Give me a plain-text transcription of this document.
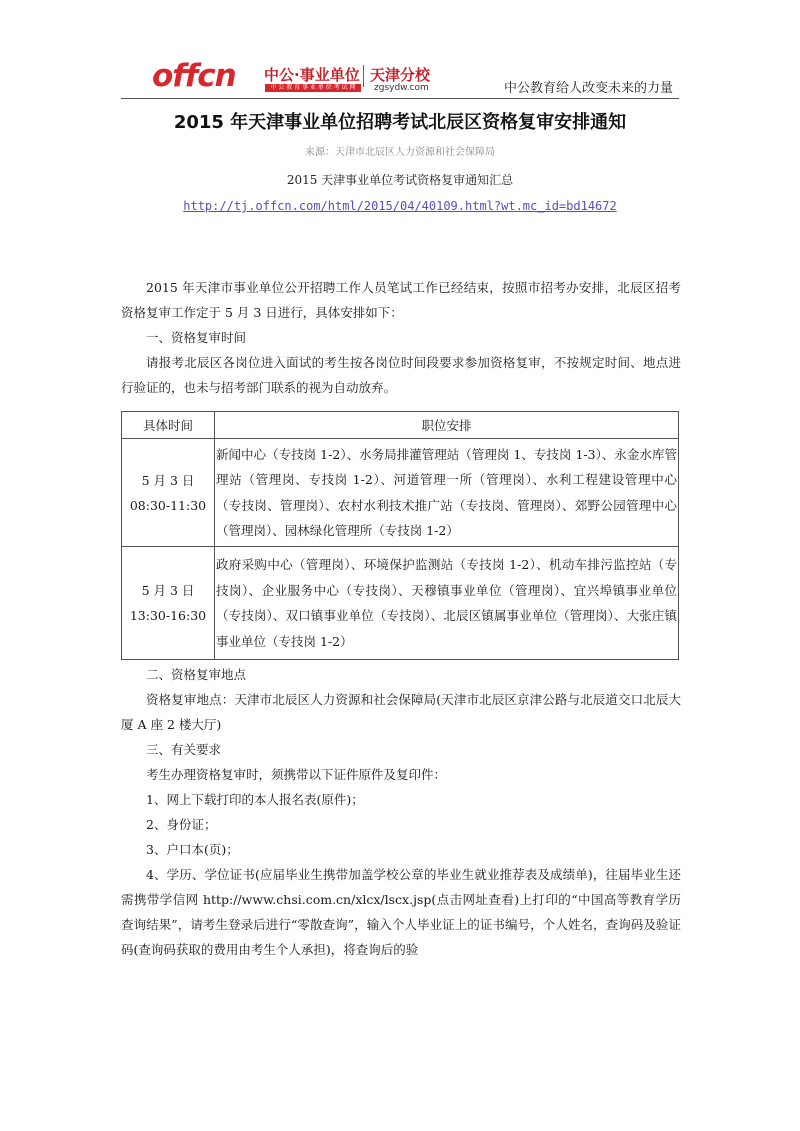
offcn 中公·事业单位
中 公 教 育 事 业 单 位 考 试 网
天津分校
zgsydw.com	中公教育给人改变未来的力量
2015 年天津事业单位招聘考试北辰区资格复审安排通知
来源：天津市北辰区人力资源和社会保障局
2015 天津事业单位考试资格复审通知汇总
http://tj.offcn.com/html/2015/04/40109.html?wt.mc_id=bd14672

2015 年天津市事业单位公开招聘工作人员笔试工作已经结束，按照市招考办安排，北辰区招考资格复审工作定于 5 月 3 日进行，具体安排如下：

一、资格复审时间

请报考北辰区各岗位进入面试的考生按各岗位时间段要求参加资格复审，不按规定时间、地点进行验证的，也未与招考部门联系的视为自动放弃。

具体时间	职位安排

5 月 3 日
08:30-11:30	新闻中心（专技岗 1-2）、水务局排灌管理站（管理岗 1、专技岗 1-3）、永金水库管理站（管理岗、专技岗 1-2）、河道管理一所（管理岗）、水利工程建设管理中心（专技岗、管理岗）、农村水利技术推广站（专技岗、管理岗）、郊野公园管理中心（管理岗）、园林绿化管理所（专技岗 1-2）

5 月 3 日
13:30-16:30	政府采购中心（管理岗）、环境保护监测站（专技岗 1-2）、机动车排污监控站（专技岗）、企业服务中心（专技岗）、天穆镇事业单位（管理岗）、宜兴埠镇事业单位（专技岗）、双口镇事业单位（专技岗）、北辰区镇属事业单位（管理岗）、大张庄镇事业单位（专技岗 1-2）

二、资格复审地点

资格复审地点：天津市北辰区人力资源和社会保障局(天津市北辰区京津公路与北辰道交口北辰大厦 A 座 2 楼大厅)

三、有关要求

考生办理资格复审时，须携带以下证件原件及复印件：

1、网上下载打印的本人报名表(原件)；

2、身份证；

3、户口本(页)；

4、学历、学位证书(应届毕业生携带加盖学校公章的毕业生就业推荐表及成绩单)，往届毕业生还需携带学信网 http://www.chsi.com.cn/xlcx/lscx.jsp(点击网址查看)上打印的“中国高等教育学历查询结果”，请考生登录后进行“零散查询”，输入个人毕业证上的证书编号，个人姓名，查询码及验证码(查询码获取的费用由考生个人承担)，将查询后的验
